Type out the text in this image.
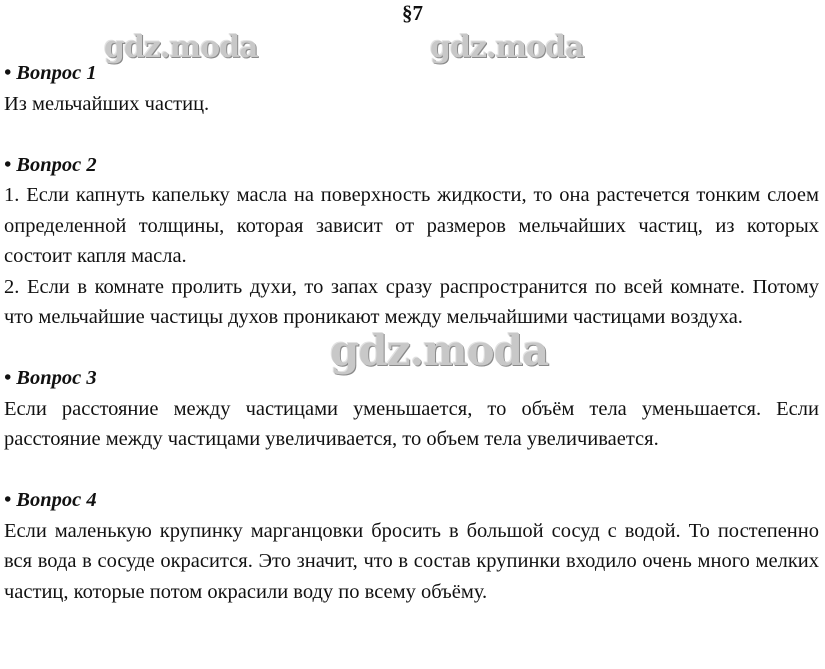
§7
• Вопрос 1
Из мельчайших частиц.
• Вопрос 2
1. Если капнуть капельку масла на поверхность жидкости, то она растечется тонким слоем определенной толщины, которая зависит от размеров мельчайших частиц, из которых состоит капля масла.
2. Если в комнате пролить духи, то запах сразу распространится по всей комнате. Потому что мельчайшие частицы духов проникают между мельчайшими частицами воздуха.
• Вопрос 3
Если расстояние между частицами уменьшается, то объём тела уменьшается. Если расстояние между частицами увеличивается, то объем тела увеличивается.
• Вопрос 4
Если маленькую крупинку марганцовки бросить в большой сосуд с водой. То постепенно вся вода в сосуде окрасится. Это значит, что в состав крупинки входило очень много мелких частиц, которые потом окрасили воду по всему объёму.
gdz.moda	gdz.moda
gdz.moda
